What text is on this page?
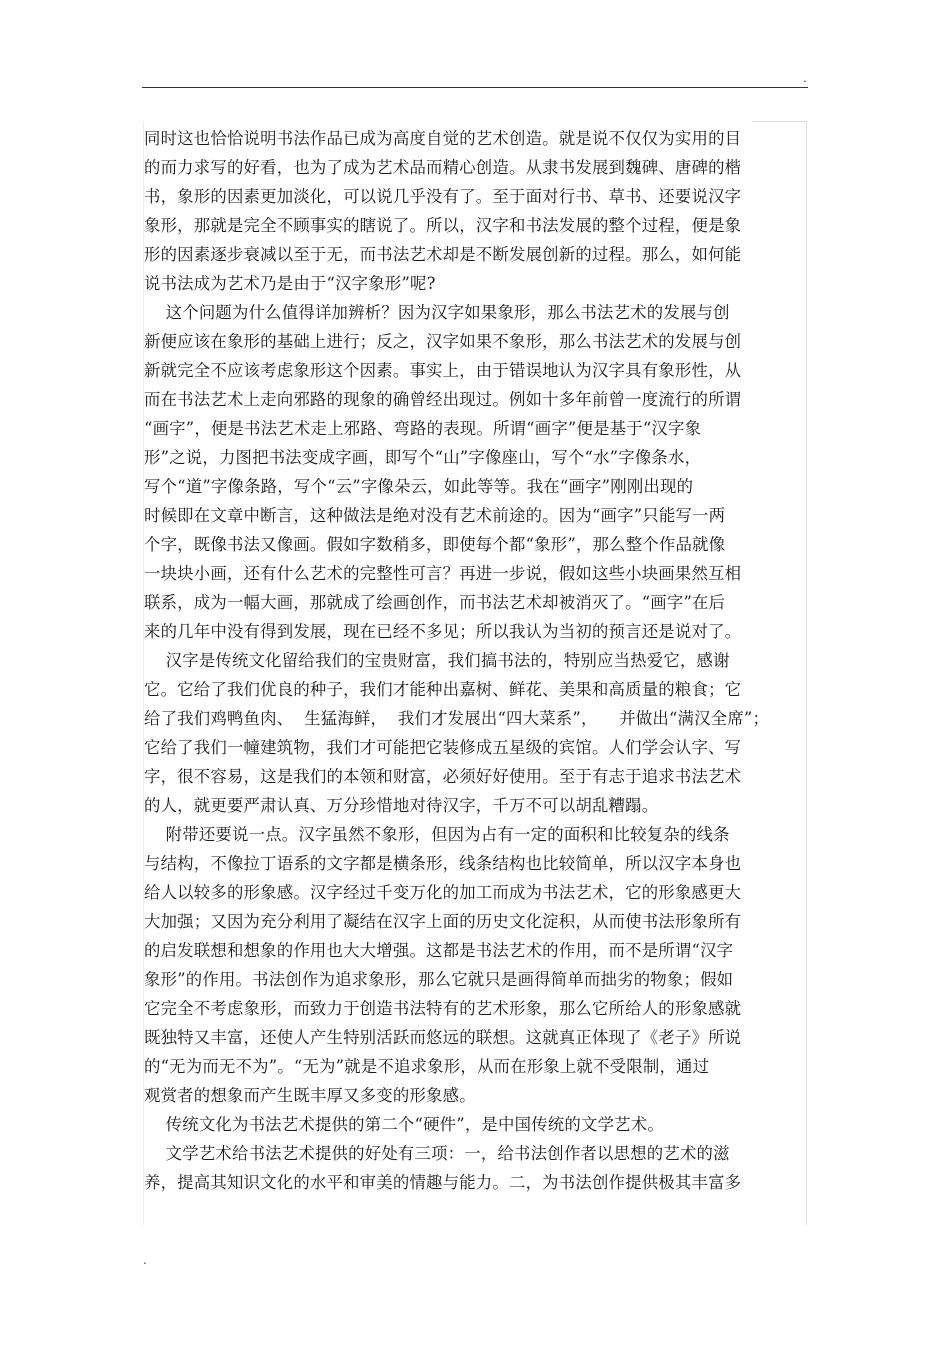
.
同时这也恰恰说明书法作品已成为高度自觉的艺术创造。就是说不仅仅为实用的目
的而力求写的好看，也为了成为艺术品而精心创造。从隶书发展到魏碑、唐碑的楷
书，象形的因素更加淡化，可以说几乎没有了。至于面对行书、草书、还要说汉字
象形，那就是完全不顾事实的瞎说了。所以，汉字和书法发展的整个过程，便是象
形的因素逐步衰减以至于无，而书法艺术却是不断发展创新的过程。那么，如何能
说书法成为艺术乃是由于“汉字象形”呢?
这个问题为什么值得详加辨析？因为汉字如果象形，那么书法艺术的发展与创
新便应该在象形的基础上进行；反之，汉字如果不象形，那么书法艺术的发展与创
新就完全不应该考虑象形这个因素。事实上，由于错误地认为汉字具有象形性，从
而在书法艺术上走向邪路的现象的确曾经出现过。例如十多年前曾一度流行的所谓
“画字”，便是书法艺术走上邪路、弯路的表现。所谓“画字”便是基于“汉字象
形”之说，力图把书法变成字画，即写个“山”字像座山，写个“水”字像条水，
写个“道”字像条路，写个“云”字像朵云，如此等等。我在“画字”刚刚出现的
时候即在文章中断言，这种做法是绝对没有艺术前途的。因为“画字”只能写一两
个字，既像书法又像画。假如字数稍多，即使每个都“象形”，那么整个作品就像
一块块小画，还有什么艺术的完整性可言？再进一步说，假如这些小块画果然互相
联系，成为一幅大画，那就成了绘画创作，而书法艺术却被消灭了。“画字”在后
来的几年中没有得到发展，现在已经不多见；所以我认为当初的预言还是说对了。
汉字是传统文化留给我们的宝贵财富，我们搞书法的，特别应当热爱它，感谢
它。它给了我们优良的种子，我们才能种出嘉树、鲜花、美果和高质量的粮食；它
给了我们鸡鸭鱼肉、  生猛海鲜，  我们才发展出“四大菜系”，    并做出“满汉全席”；
它给了我们一幢建筑物，我们才可能把它装修成五星级的宾馆。人们学会认字、写
字，很不容易，这是我们的本领和财富，必须好好使用。至于有志于追求书法艺术
的人，就更要严肃认真、万分珍惜地对待汉字，千万不可以胡乱糟蹋。
附带还要说一点。汉字虽然不象形，但因为占有一定的面积和比较复杂的线条
与结构，不像拉丁语系的文字都是横条形，线条结构也比较简单，所以汉字本身也
给人以较多的形象感。汉字经过千变万化的加工而成为书法艺术，它的形象感更大
大加强；又因为充分利用了凝结在汉字上面的历史文化淀积，从而使书法形象所有
的启发联想和想象的作用也大大增强。这都是书法艺术的作用，而不是所谓“汉字
象形”的作用。书法创作为追求象形，那么它就只是画得简单而拙劣的物象；假如
它完全不考虑象形，而致力于创造书法特有的艺术形象，那么它所给人的形象感就
既独特又丰富，还使人产生特别活跃而悠远的联想。这就真正体现了《老子》所说
的“无为而无不为”。“无为”就是不追求象形，从而在形象上就不受限制，通过
观赏者的想象而产生既丰厚又多变的形象感。
传统文化为书法艺术提供的第二个“硬件”，是中国传统的文学艺术。
文学艺术给书法艺术提供的好处有三项：一，给书法创作者以思想的艺术的滋
养，提高其知识文化的水平和审美的情趣与能力。二，为书法创作提供极其丰富多
.
